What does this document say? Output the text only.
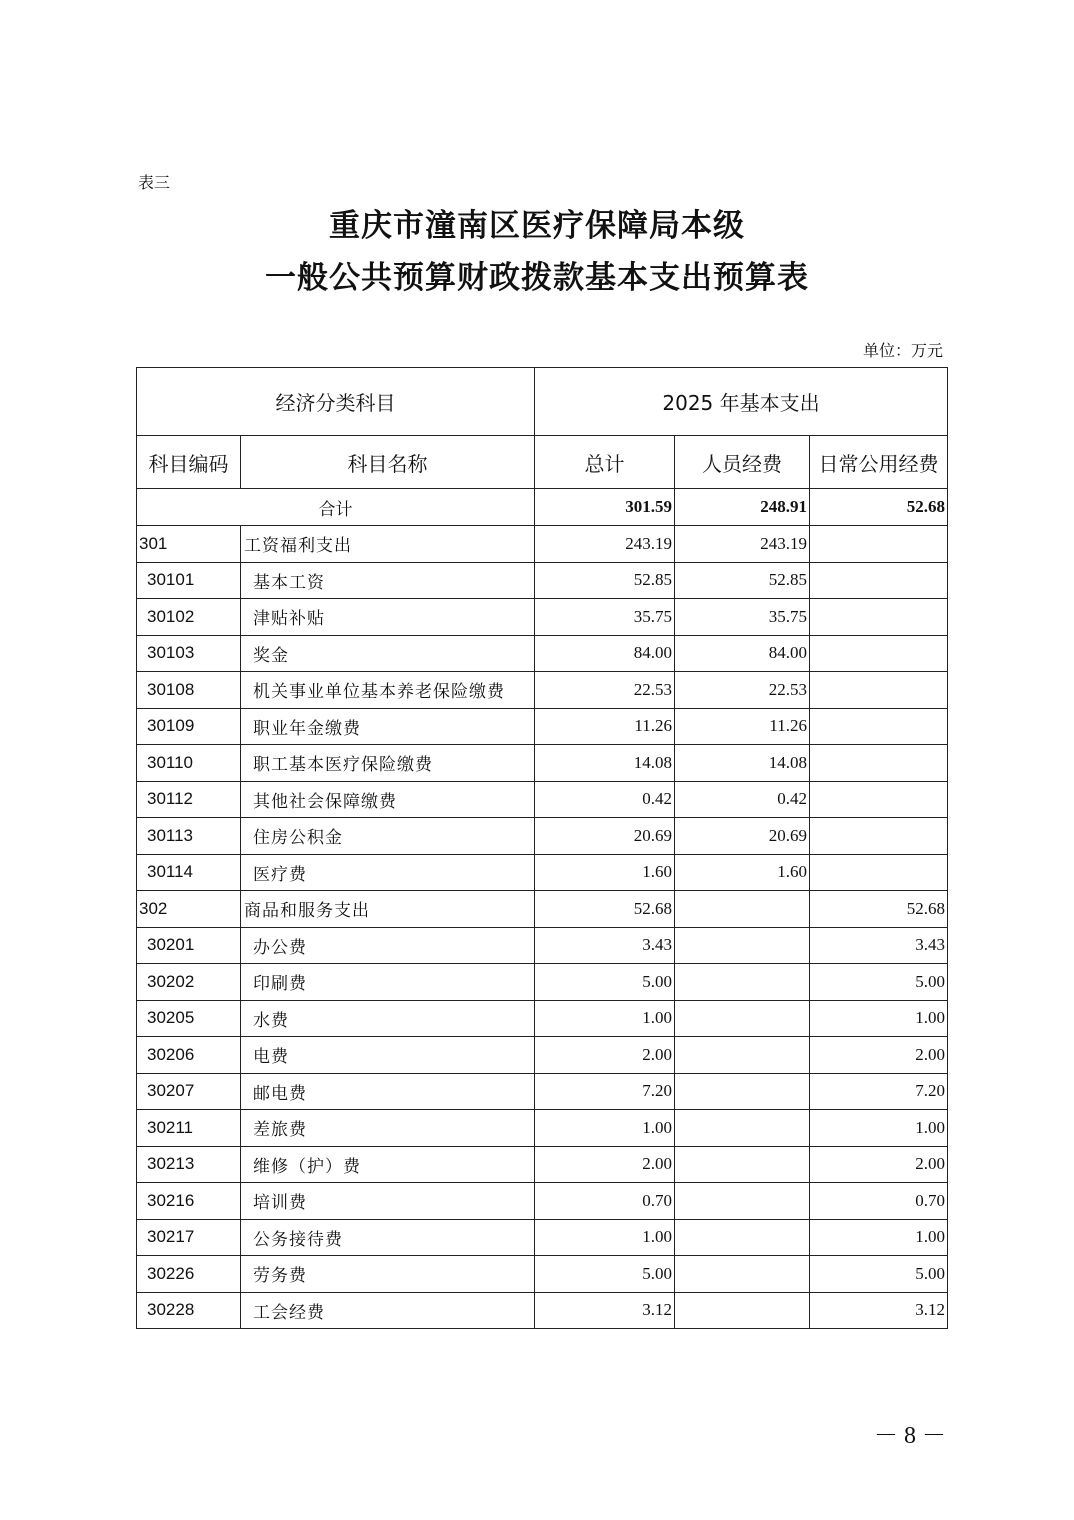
表三
重庆市潼南区医疗保障局本级
一般公共预算财政拨款基本支出预算表
单位：万元
经济分类科目		2025 年基本支出		
科目编码	科目名称	总计	人员经费	日常公用经费
合计		301.59	248.91	52.68
301	工资福利支出	243.19	243.19	
30101	基本工资	52.85	52.85	
30102	津贴补贴	35.75	35.75	
30103	奖金	84.00	84.00	
30108	机关事业单位基本养老保险缴费	22.53	22.53	
30109	职业年金缴费	11.26	11.26	
30110	职工基本医疗保险缴费	14.08	14.08	
30112	其他社会保障缴费	0.42	0.42	
30113	住房公积金	20.69	20.69	
30114	医疗费	1.60	1.60	
302	商品和服务支出	52.68		52.68
30201	办公费	3.43		3.43
30202	印刷费	5.00		5.00
30205	水费	1.00		1.00
30206	电费	2.00		2.00
30207	邮电费	7.20		7.20
30211	差旅费	1.00		1.00
30213	维修（护）费	2.00		2.00
30216	培训费	0.70		0.70
30217	公务接待费	1.00		1.00
30226	劳务费	5.00		5.00
30228	工会经费	3.12		3.12
－ 8 －
